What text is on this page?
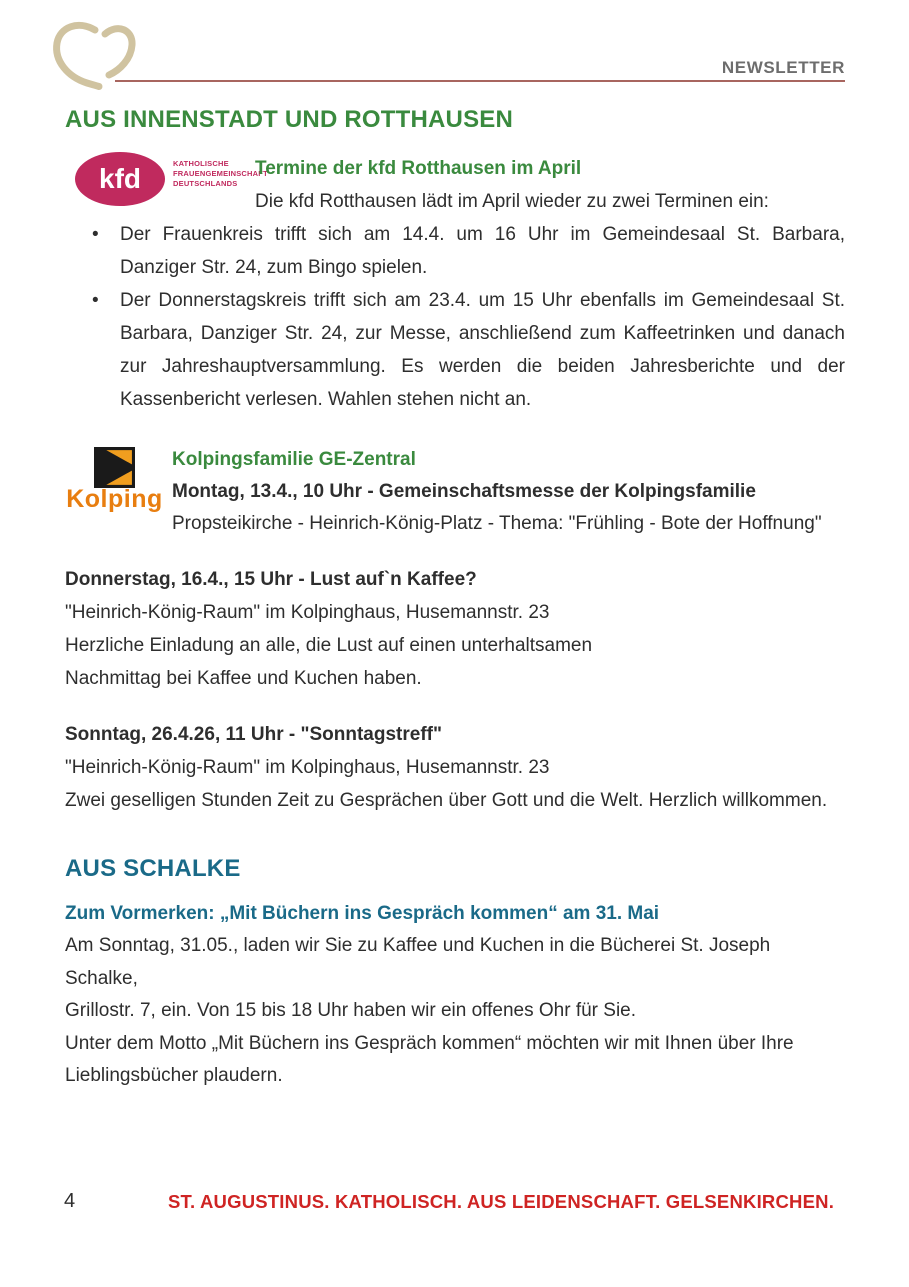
NEWSLETTER
AUS INNENSTADT UND ROTTHAUSEN
kfd	KATHOLISCHE
FRAUENGEMEINSCHAFT
DEUTSCHLANDS
Termine der kfd Rotthausen im April
Die kfd Rotthausen lädt im April wieder zu zwei Terminen ein:
• Der Frauenkreis trifft sich am 14.4. um 16 Uhr im Gemeindesaal St. Barbara, Danziger Str. 24, zum Bingo spielen.
• Der Donnerstagskreis trifft sich am 23.4. um 15 Uhr ebenfalls im Gemeindesaal St. Barbara, Danziger Str. 24, zur Messe, anschließend zum Kaffeetrinken und danach zur Jahreshauptversammlung. Es werden die beiden Jahresberichte und der Kassenbericht verlesen. Wahlen stehen nicht an.
Kolping
Kolpingsfamilie GE-Zentral
Montag, 13.4., 10 Uhr - Gemeinschaftsmesse der Kolpingsfamilie
Propsteikirche - Heinrich-König-Platz - Thema: "Frühling - Bote der Hoffnung"
Donnerstag, 16.4., 15 Uhr - Lust auf`n Kaffee?
"Heinrich-König-Raum" im Kolpinghaus, Husemannstr. 23
Herzliche Einladung an alle, die Lust auf einen unterhaltsamen
Nachmittag bei Kaffee und Kuchen haben.
Sonntag, 26.4.26, 11 Uhr - "Sonntagstreff"
"Heinrich-König-Raum" im Kolpinghaus, Husemannstr. 23
Zwei geselligen Stunden Zeit zu Gesprächen über Gott und die Welt. Herzlich willkommen.
AUS SCHALKE
Zum Vormerken: „Mit Büchern ins Gespräch kommen“ am 31. Mai
Am Sonntag, 31.05., laden wir Sie zu Kaffee und Kuchen in die Bücherei St. Joseph Schalke,
Grillostr. 7, ein. Von 15 bis 18 Uhr haben wir ein offenes Ohr für Sie.
Unter dem Motto „Mit Büchern ins Gespräch kommen“ möchten wir mit Ihnen über Ihre
Lieblingsbücher plaudern.
4	ST. AUGUSTINUS. KATHOLISCH. AUS LEIDENSCHAFT. GELSENKIRCHEN.
